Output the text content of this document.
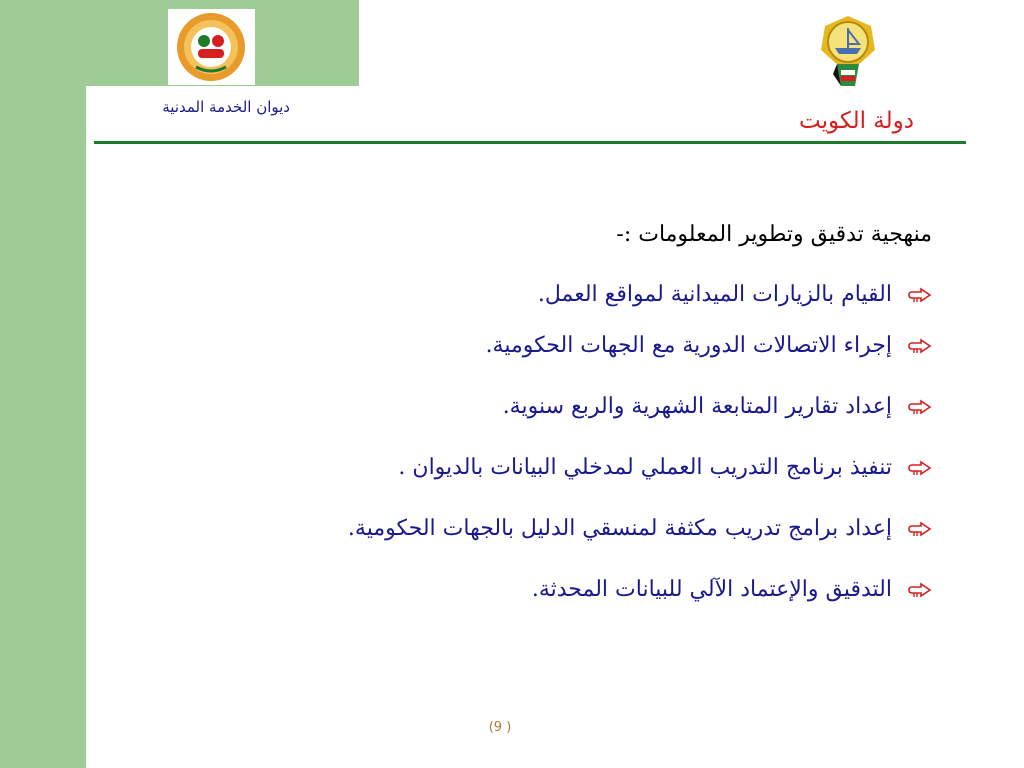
ديوان الخدمة المدنية
دولة الكويت
منهجية تدقيق وتطوير المعلومات :-
القيام بالزيارات الميدانية لمواقع العمل.
إجراء الاتصالات الدورية مع الجهات الحكومية.
إعداد تقارير المتابعة الشهرية والربع سنوية.
تنفيذ برنامج التدريب العملي لمدخلي البيانات بالديوان .
إعداد برامج تدريب مكثفة لمنسقي الدليل بالجهات الحكومية.
التدقيق والإعتماد الآلي للبيانات المحدثة.
(9 )
